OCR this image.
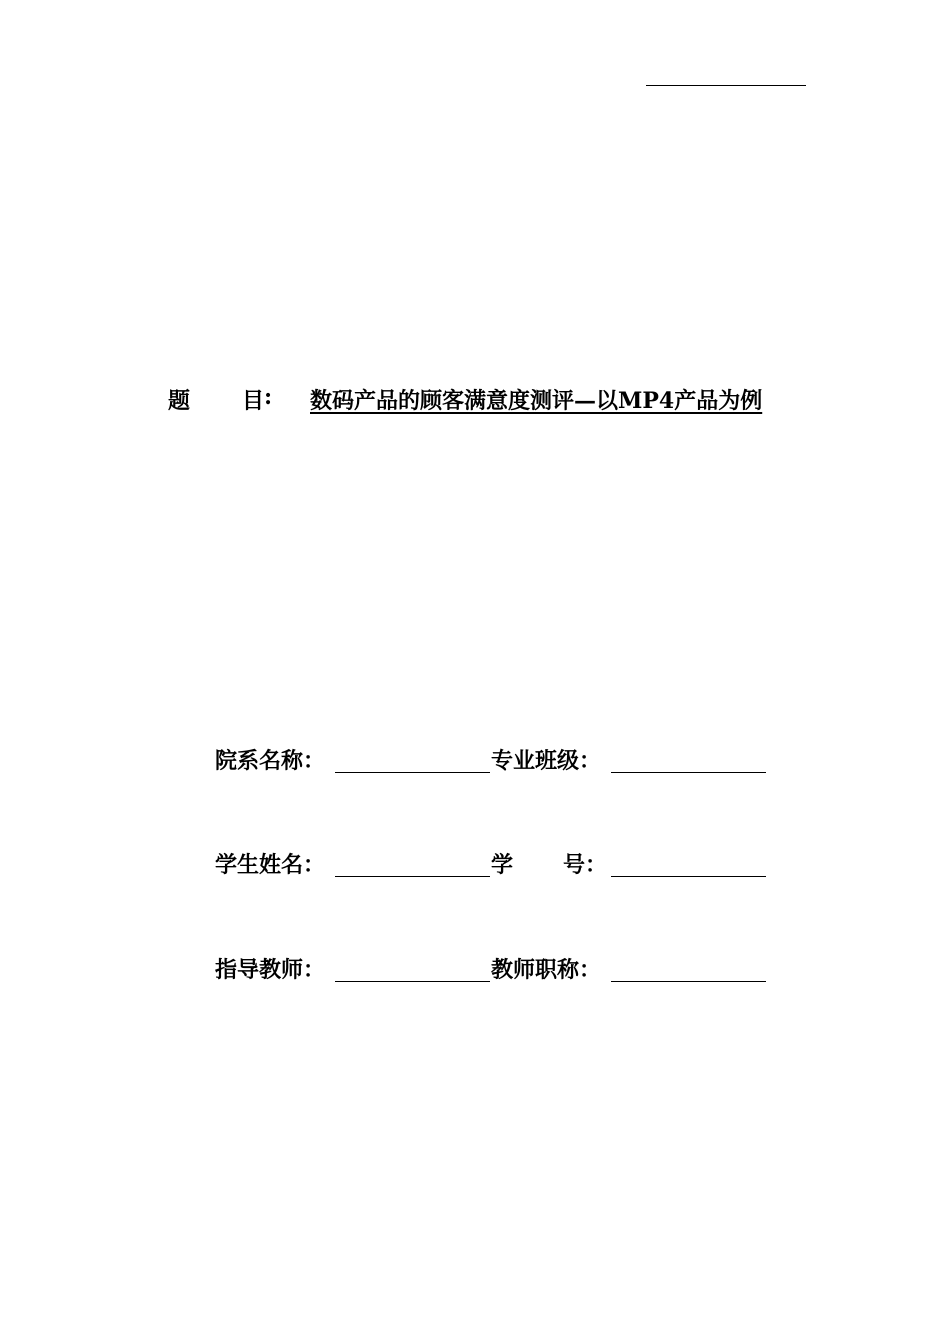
题 目 :	数码产品的顾客满意度测评—以MP4产品为例
院系名称：	专业班级：
学生姓名：	学 号：
指导教师：	教师职称：
